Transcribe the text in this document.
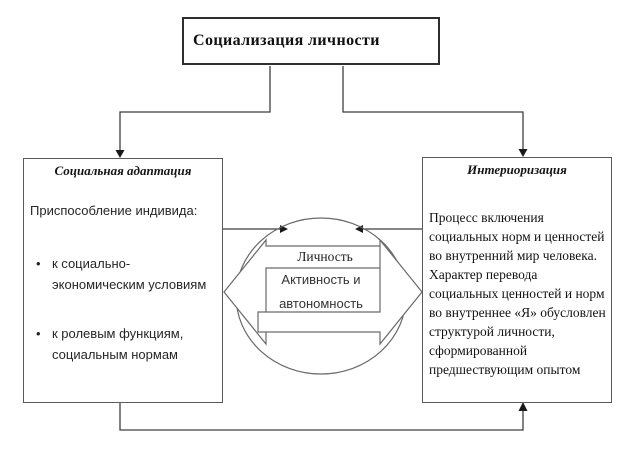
Социализация личности
Социальная адаптация
Приспособление индивида:
• к социально-экономическим условиям
• к ролевым функциям, социальным нормам
Интериоризация
Процесс включения социальных норм и ценностей во внутренний мир человека. Характер перевода социальных ценностей и норм во внутреннее «Я» обусловлен структурой личности, сформированной предшествующим опытом
Личность
Активность и
автономность
